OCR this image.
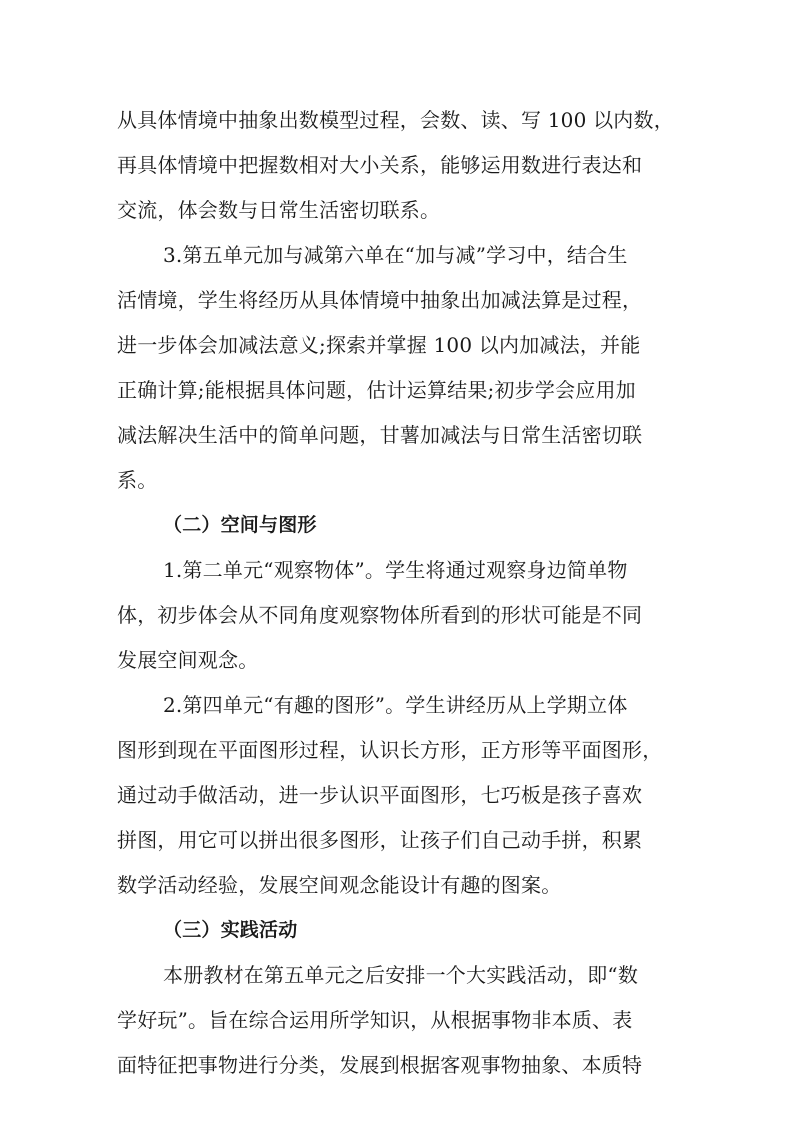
从具体情境中抽象出数模型过程，会数、读、写 100 以内数，
再具体情境中把握数相对大小关系，能够运用数进行表达和
交流，体会数与日常生活密切联系。
3.第五单元加与减第六单在“加与减”学习中，结合生
活情境，学生将经历从具体情境中抽象出加减法算是过程，
进一步体会加减法意义;探索并掌握 100 以内加减法，并能
正确计算;能根据具体问题，估计运算结果;初步学会应用加
减法解决生活中的简单问题，甘薯加减法与日常生活密切联
系。
（二）空间与图形
1.第二单元“观察物体”。学生将通过观察身边简单物
体，初步体会从不同角度观察物体所看到的形状可能是不同
发展空间观念。
2.第四单元“有趣的图形”。学生讲经历从上学期立体
图形到现在平面图形过程，认识长方形，正方形等平面图形，
通过动手做活动，进一步认识平面图形，七巧板是孩子喜欢
拼图，用它可以拼出很多图形，让孩子们自己动手拼，积累
数学活动经验，发展空间观念能设计有趣的图案。
（三）实践活动
本册教材在第五单元之后安排一个大实践活动，即“数
学好玩”。旨在综合运用所学知识，从根据事物非本质、表
面特征把事物进行分类，发展到根据客观事物抽象、本质特
